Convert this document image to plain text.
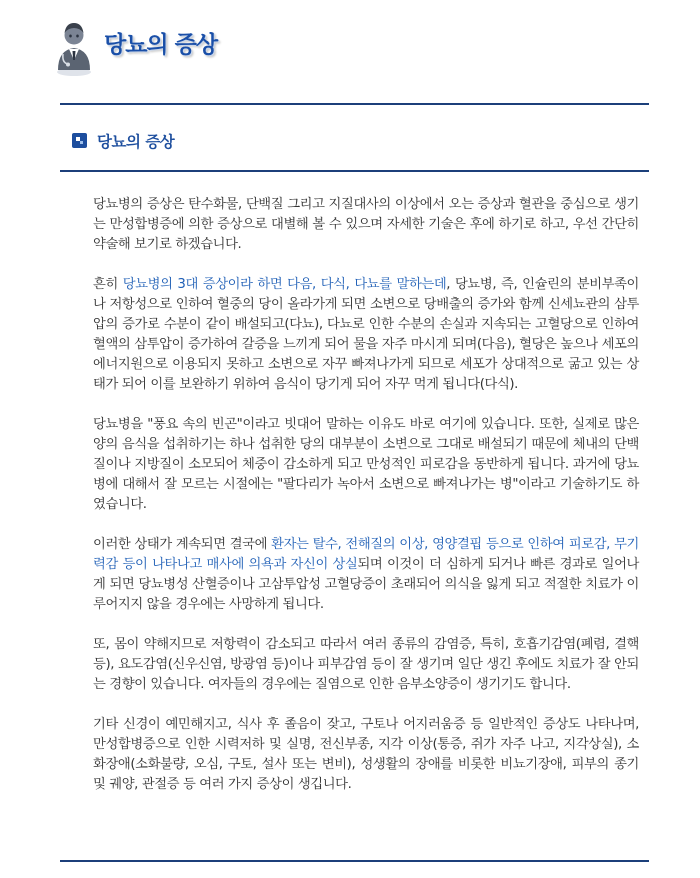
당뇨의 증상
당뇨의 증상

당뇨병의 증상은 탄수화물, 단백질 그리고 지질대사의 이상에서 오는 증상과 혈관을 중심으로 생기는 만성합병증에 의한 증상으로 대별해 볼 수 있으며 자세한 기술은 후에 하기로 하고, 우선 간단히 약술해 보기로 하겠습니다.

흔히 당뇨병의 3대 증상이라 하면 다음, 다식, 다뇨를 말하는데, 당뇨병, 즉, 인슐린의 분비부족이나 저항성으로 인하여 혈중의 당이 올라가게 되면 소변으로 당배출의 증가와 함께 신세뇨관의 삼투압의 증가로 수분이 같이 배설되고(다뇨), 다뇨로 인한 수분의 손실과 지속되는 고혈당으로 인하여 혈액의 삼투압이 증가하여 갈증을 느끼게 되어 물을 자주 마시게 되며(다음), 혈당은 높으나 세포의 에너지원으로 이용되지 못하고 소변으로 자꾸 빠져나가게 되므로 세포가 상대적으로 굶고 있는 상태가 되어 이를 보완하기 위하여 음식이 당기게 되어 자꾸 먹게 됩니다(다식).

당뇨병을 "풍요 속의 빈곤"이라고 빗대어 말하는 이유도 바로 여기에 있습니다. 또한, 실제로 많은 양의 음식을 섭취하기는 하나 섭취한 당의 대부분이 소변으로 그대로 배설되기 때문에 체내의 단백질이나 지방질이 소모되어 체중이 감소하게 되고 만성적인 피로감을 동반하게 됩니다. 과거에 당뇨병에 대해서 잘 모르는 시절에는 "팔다리가 녹아서 소변으로 빠져나가는 병"이라고 기술하기도 하였습니다.

이러한 상태가 계속되면 결국에 환자는 탈수, 전해질의 이상, 영양결핍 등으로 인하여 피로감, 무기력감 등이 나타나고 매사에 의욕과 자신이 상실되며 이것이 더 심하게 되거나 빠른 경과로 일어나게 되면 당뇨병성 산혈증이나 고삼투압성 고혈당증이 초래되어 의식을 잃게 되고 적절한 치료가 이루어지지 않을 경우에는 사망하게 됩니다.

또, 몸이 약해지므로 저항력이 감소되고 따라서 여러 종류의 감염증, 특히, 호흡기감염(폐렴, 결핵 등), 요도감염(신우신염, 방광염 등)이나 피부감염 등이 잘 생기며 일단 생긴 후에도 치료가 잘 안되는 경향이 있습니다. 여자들의 경우에는 질염으로 인한 음부소양증이 생기기도 합니다.

기타 신경이 예민해지고, 식사 후 졸음이 잦고, 구토나 어지러움증 등 일반적인 증상도 나타나며, 만성합병증으로 인한 시력저하 및 실명, 전신부종, 지각 이상(통증, 쥐가 자주 나고, 지각상실), 소화장애(소화불량, 오심, 구토, 설사 또는 변비), 성생활의 장애를 비롯한 비뇨기장애, 피부의 종기 및 궤양, 관절증 등 여러 가지 증상이 생깁니다.
